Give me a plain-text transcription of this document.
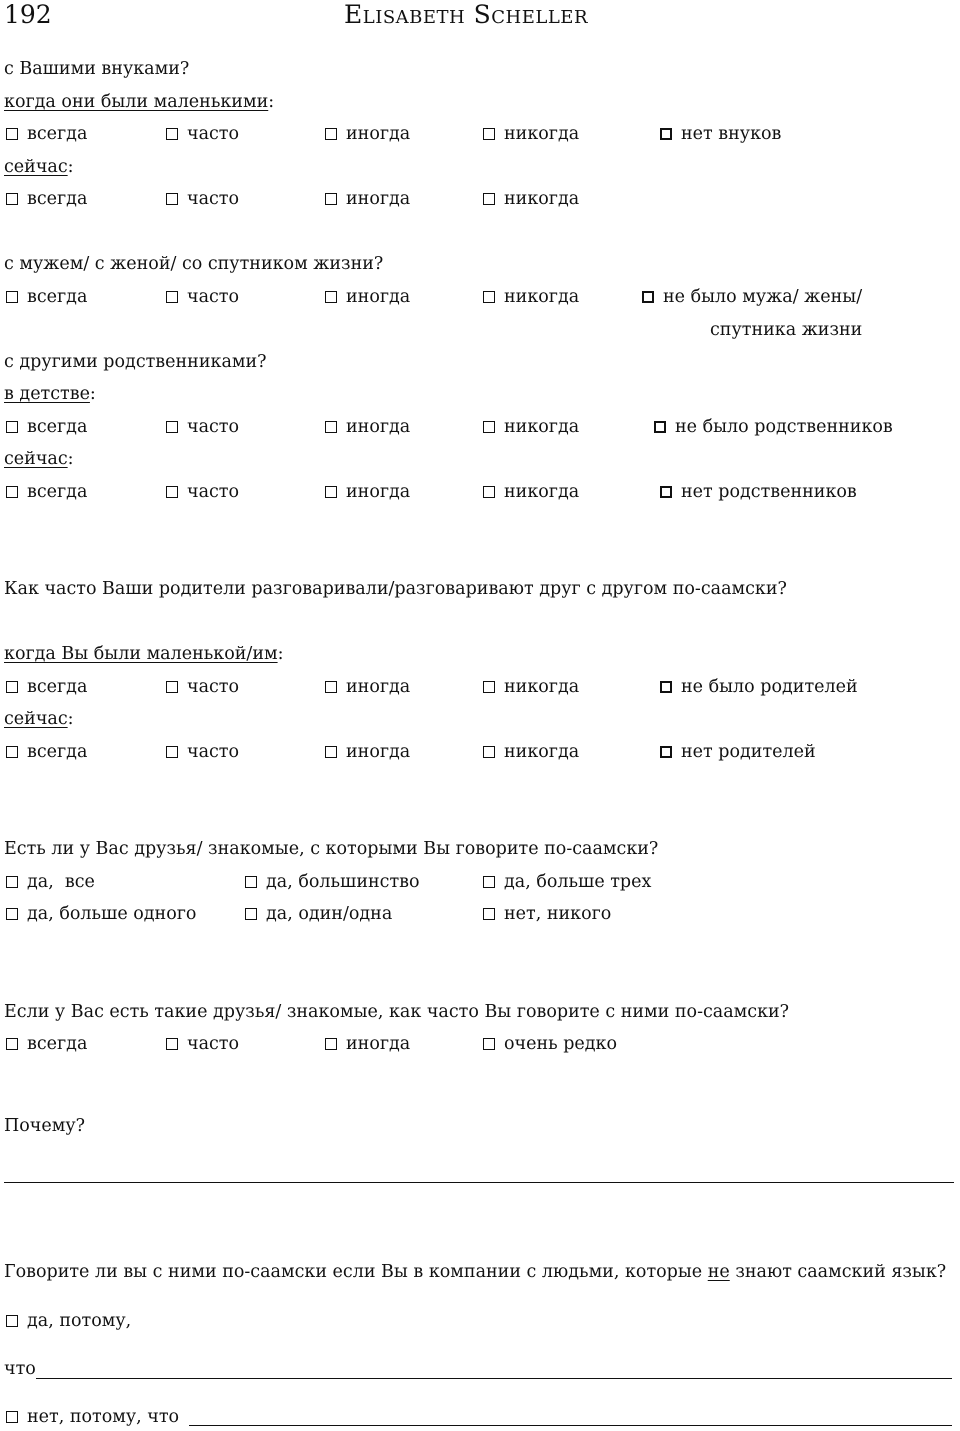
192	Elisabeth Scheller
с Вашими внуками?
когда они были маленькими:
всегда	часто	иногда	никогда	нет внуков
сейчас:
всегда	часто	иногда	никогда
с мужем/ с женой/ со спутником жизни?
всегда	часто	иногда	никогда	не было мужа/ жены/
спутника жизни
с другими родственниками?
в детстве:
всегда	часто	иногда	никогда	не было родственников
сейчас:
всегда	часто	иногда	никогда	нет родственников
Как часто Ваши родители разговаривали/разговаривают друг с другом по-саамски?
когда Вы были маленькой/им:
всегда	часто	иногда	никогда	не было родителей
сейчас:
всегда	часто	иногда	никогда	нет родителей
Есть ли у Вас друзья/ знакомые, с которыми Вы говорите по-саамски?
да,  все	да, большинство	да, больше трех
да, больше одного	да, один/одна	нет, никого
Если у Вас есть такие друзья/ знакомые, как часто Вы говорите с ними по-саамски?
всегда	часто	иногда	очень редко
Почему?
Говорите ли вы с ними по-саамски если Вы в компании с людьми, которые не знают саамский язык?
да, потому,
что
нет, потому, что
